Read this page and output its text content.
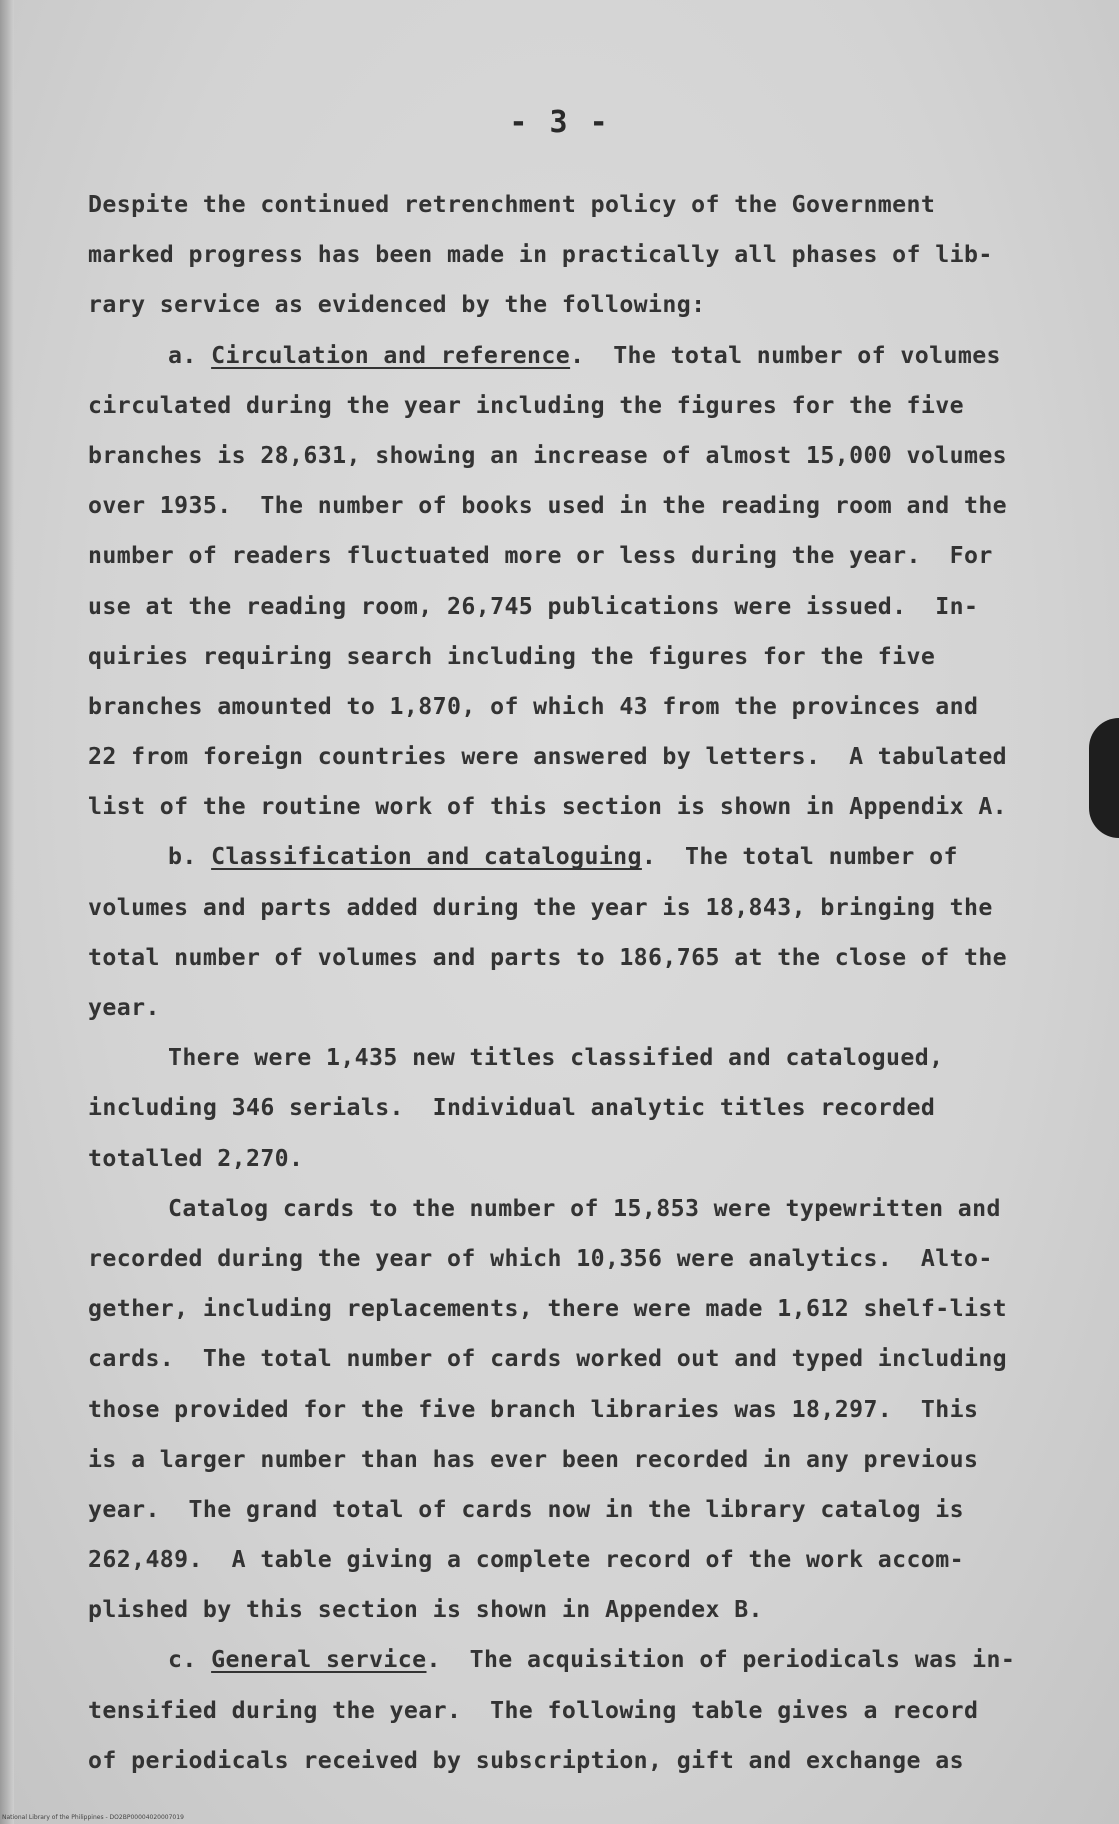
- 3 -
Despite the continued retrenchment policy of the Government
marked progress has been made in practically all phases of lib-
rary service as evidenced by the following:
a. Circulation and reference.  The total number of volumes
circulated during the year including the figures for the five
branches is 28,631, showing an increase of almost 15,000 volumes
over 1935.  The number of books used in the reading room and the
number of readers fluctuated more or less during the year.  For
use at the reading room, 26,745 publications were issued.  In-
quiries requiring search including the figures for the five
branches amounted to 1,870, of which 43 from the provinces and
22 from foreign countries were answered by letters.  A tabulated
list of the routine work of this section is shown in Appendix A.
b. Classification and cataloguing.  The total number of
volumes and parts added during the year is 18,843, bringing the
total number of volumes and parts to 186,765 at the close of the
year.
There were 1,435 new titles classified and catalogued,
including 346 serials.  Individual analytic titles recorded
totalled 2,270.
Catalog cards to the number of 15,853 were typewritten and
recorded during the year of which 10,356 were analytics.  Alto-
gether, including replacements, there were made 1,612 shelf-list
cards.  The total number of cards worked out and typed including
those provided for the five branch libraries was 18,297.  This
is a larger number than has ever been recorded in any previous
year.  The grand total of cards now in the library catalog is
262,489.  A table giving a complete record of the work accom-
plished by this section is shown in Appendex B.
c. General service.  The acquisition of periodicals was in-
tensified during the year.  The following table gives a record
of periodicals received by subscription, gift and exchange as
National Library of the Philippines - DO2BP00004020007019
